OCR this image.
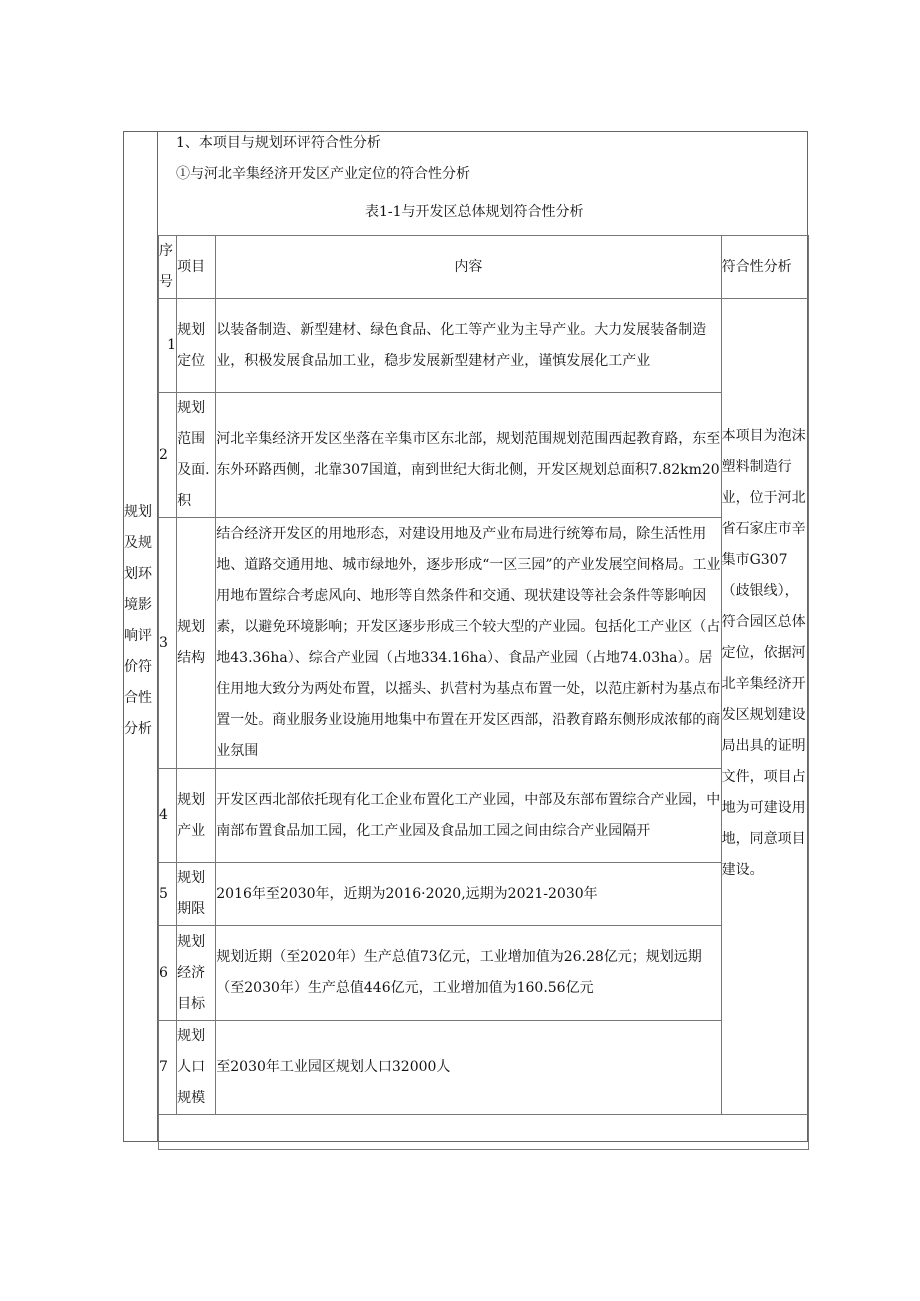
规划及规划环境影响评价符合性分析
1、本项目与规划环评符合性分析
①与河北辛集经济开发区产业定位的符合性分析
表1-1与开发区总体规划符合性分析
序号	项目	内容	符合性分析
1	规划定位	以装备制造、新型建材、绿色食品、化工等产业为主导产业。大力发展装备制造业，积极发展食品加工业，稳步发展新型建材产业，谨慎发展化工产业	本项目为泡沫塑料制造行业，位于河北省石家庄市辛集市G307（歧银线），符合园区总体定位，依据河北辛集经济开发区规划建设局出具的证明文件，项目占地为可建设用地，同意项目建设。
2	规划范围及面.积	河北辛集经济开发区坐落在辛集市区东北部，规划范围规划范围西起教育路，东至东外环路西侧，北靠307国道，南到世纪大街北侧，开发区规划总面积7.82km20	
3	规划结构	结合经济开发区的用地形态，对建设用地及产业布局进行统筹布局，除生活性用地、道路交通用地、城市绿地外，逐步形成“一区三园”的产业发展空间格局。工业用地布置综合考虑风向、地形等自然条件和交通、现状建设等社会条件等影响因素，以避免环境影响；开发区逐步形成三个较大型的产业园。包括化工产业区（占地43.36ha）、综合产业园（占地334.16ha）、食品产业园（占地74.03ha）。居住用地大致分为两处布置，以摇头、扒营村为基点布置一处，以范庄新村为基点布置一处。商业服务业设施用地集中布置在开发区西部，沿教育路东侧形成浓郁的商业氛围	
4	规划产业	开发区西北部依托现有化工企业布置化工产业园，中部及东部布置综合产业园，中南部布置食品加工园，化工产业园及食品加工园之间由综合产业园隔开	
5	规划期限	2016年至2030年，近期为2016·2020,远期为2021-2030年	
6	规划经济目标	规划近期（至2020年）生产总值73亿元，工业增加值为26.28亿元；规划远期（至2030年）生产总值446亿元，工业增加值为160.56亿元	
7	规划人口规模	至2030年工业园区规划人口32000人	
